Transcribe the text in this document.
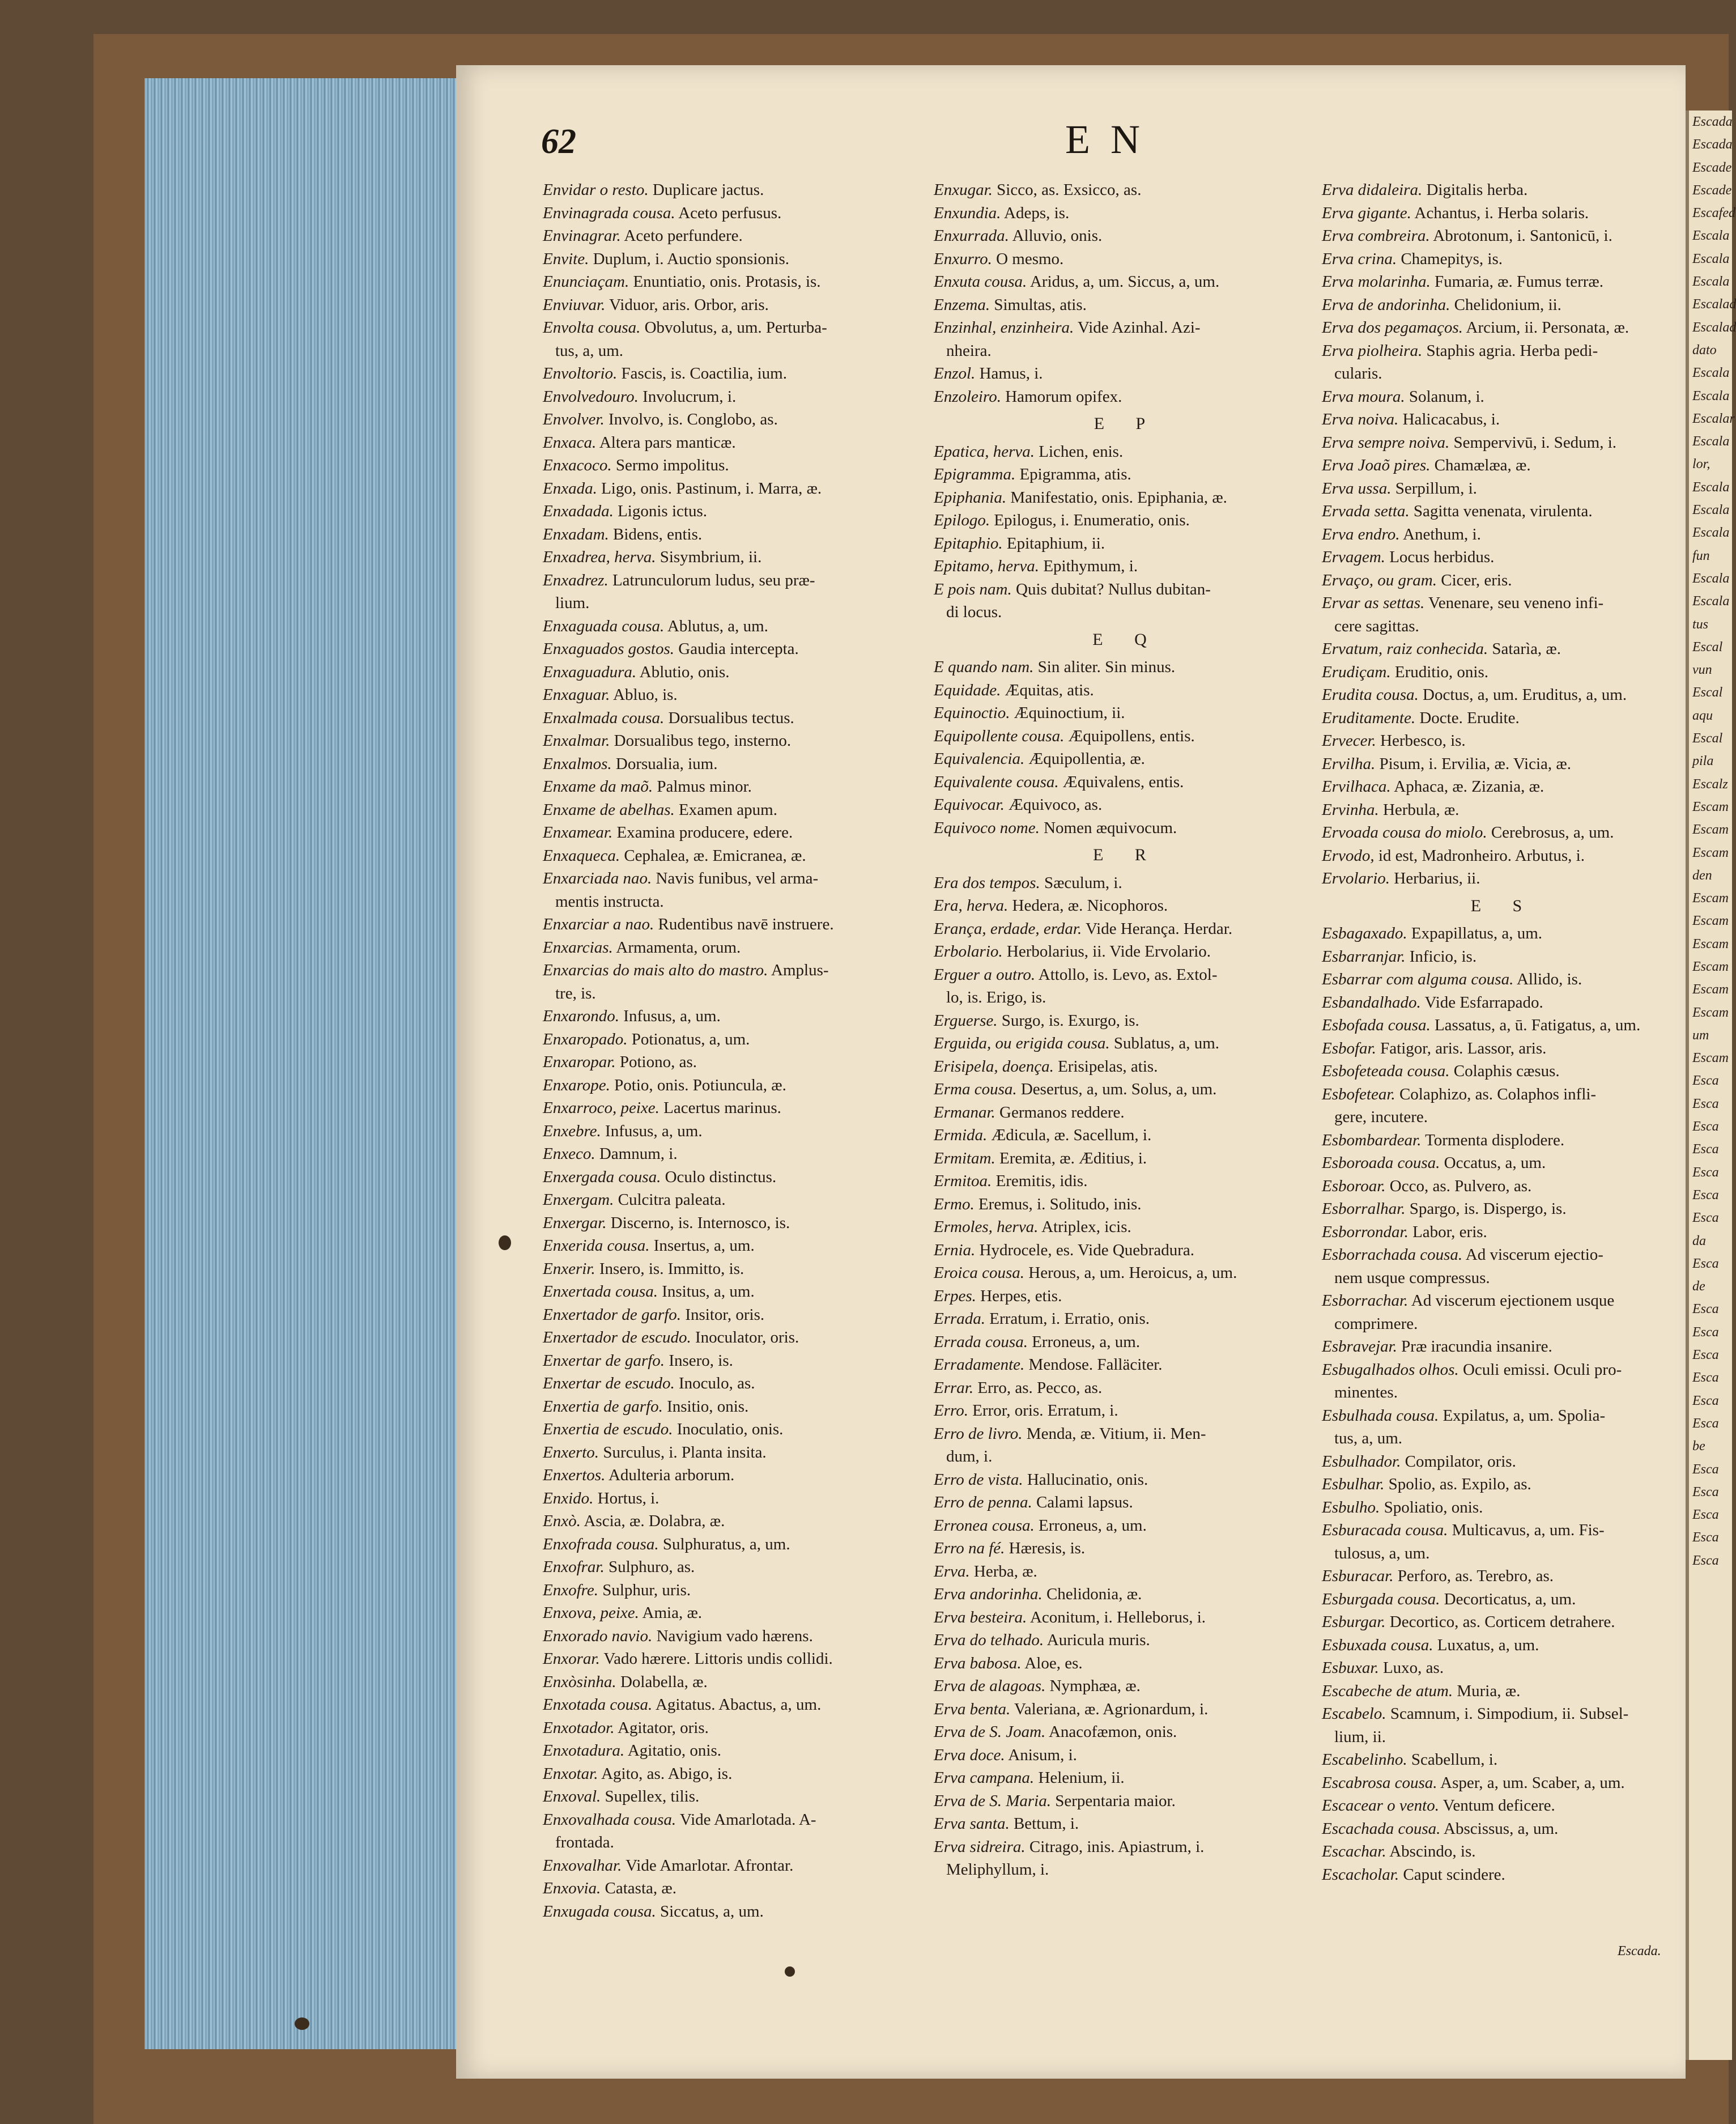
62	EN
Envidar o resto. Duplicare jactus.
Envinagrada cousa. Aceto perfusus.
Envinagrar. Aceto perfundere.
Envite. Duplum, i. Auctio sponsionis.
Enunciaçam. Enuntiatio, onis. Protasis, is.
Enviuvar. Viduor, aris. Orbor, aris.
Envolta cousa. Obvolutus, a, um. Perturba-
tus, a, um.
Envoltorio. Fascis, is. Coactilia, ium.
Envolvedouro. Involucrum, i.
Envolver. Involvo, is. Conglobo, as.
Enxaca. Altera pars manticæ.
Enxacoco. Sermo impolitus.
Enxada. Ligo, onis. Pastinum, i. Marra, æ.
Enxadada. Ligonis ictus.
Enxadam. Bidens, entis.
Enxadrea, herva. Sisymbrium, ii.
Enxadrez. Latrunculorum ludus, seu præ-
lium.
Enxaguada cousa. Ablutus, a, um.
Enxaguados gostos. Gaudia intercepta.
Enxaguadura. Ablutio, onis.
Enxaguar. Abluo, is.
Enxalmada cousa. Dorsualibus tectus.
Enxalmar. Dorsualibus tego, insterno.
Enxalmos. Dorsualia, ium.
Enxame da maõ. Palmus minor.
Enxame de abelhas. Examen apum.
Enxamear. Examina producere, edere.
Enxaqueca. Cephalea, æ. Emicranea, æ.
Enxarciada nao. Navis funibus, vel arma-
mentis instructa.
Enxarciar a nao. Rudentibus navē instruere.
Enxarcias. Armamenta, orum.
Enxarcias do mais alto do mastro. Amplus-
tre, is.
Enxarondo. Infusus, a, um.
Enxaropado. Potionatus, a, um.
Enxaropar. Potiono, as.
Enxarope. Potio, onis. Potiuncula, æ.
Enxarroco, peixe. Lacertus marinus.
Enxebre. Infusus, a, um.
Enxeco. Damnum, i.
Enxergada cousa. Oculo distinctus.
Enxergam. Culcitra paleata.
Enxergar. Discerno, is. Internosco, is.
Enxerida cousa. Insertus, a, um.
Enxerir. Insero, is. Immitto, is.
Enxertada cousa. Insitus, a, um.
Enxertador de garfo. Insitor, oris.
Enxertador de escudo. Inoculator, oris.
Enxertar de garfo. Insero, is.
Enxertar de escudo. Inoculo, as.
Enxertia de garfo. Insitio, onis.
Enxertia de escudo. Inoculatio, onis.
Enxerto. Surculus, i. Planta insita.
Enxertos. Adulteria arborum.
Enxido. Hortus, i.
Enxò. Ascia, æ. Dolabra, æ.
Enxofrada cousa. Sulphuratus, a, um.
Enxofrar. Sulphuro, as.
Enxofre. Sulphur, uris.
Enxova, peixe. Amia, æ.
Enxorado navio. Navigium vado hærens.
Enxorar. Vado hærere. Littoris undis collidi.
Enxòsinha. Dolabella, æ.
Enxotada cousa. Agitatus. Abactus, a, um.
Enxotador. Agitator, oris.
Enxotadura. Agitatio, onis.
Enxotar. Agito, as. Abigo, is.
Enxoval. Supellex, tilis.
Enxovalhada cousa. Vide Amarlotada. A-
frontada.
Enxovalhar. Vide Amarlotar. Afrontar.
Enxovia. Catasta, æ.
Enxugada cousa. Siccatus, a, um.
Enxugar. Sicco, as. Exsicco, as.
Enxundia. Adeps, is.
Enxurrada. Alluvio, onis.
Enxurro. O mesmo.
Enxuta cousa. Aridus, a, um. Siccus, a, um.
Enzema. Simultas, atis.
Enzinhal, enzinheira. Vide Azinhal. Azi-
nheira.
Enzol. Hamus, i.
Enzoleiro. Hamorum opifex.
E P
Epatica, herva. Lichen, enis.
Epigramma. Epigramma, atis.
Epiphania. Manifestatio, onis. Epiphania, æ.
Epilogo. Epilogus, i. Enumeratio, onis.
Epitaphio. Epitaphium, ii.
Epitamo, herva. Epithymum, i.
E pois nam. Quis dubitat? Nullus dubitan-
di locus.
E Q
E quando nam. Sin aliter. Sin minus.
Equidade. Æquitas, atis.
Equinoctio. Æquinoctium, ii.
Equipollente cousa. Æquipollens, entis.
Equivalencia. Æquipollentia, æ.
Equivalente cousa. Æquivalens, entis.
Equivocar. Æquivoco, as.
Equivoco nome. Nomen æquivocum.
E R
Era dos tempos. Sæculum, i.
Era, herva. Hedera, æ. Nicophoros.
Erança, erdade, erdar. Vide Herança. Herdar.
Erbolario. Herbolarius, ii. Vide Ervolario.
Erguer a outro. Attollo, is. Levo, as. Extol-
lo, is. Erigo, is.
Erguerse. Surgo, is. Exurgo, is.
Erguida, ou erigida cousa. Sublatus, a, um.
Erisipela, doença. Erisipelas, atis.
Erma cousa. Desertus, a, um. Solus, a, um.
Ermanar. Germanos reddere.
Ermida. Ædicula, æ. Sacellum, i.
Ermitam. Eremita, æ. Æditius, i.
Ermitoa. Eremitis, idis.
Ermo. Eremus, i. Solitudo, inis.
Ermoles, herva. Atriplex, icis.
Ernia. Hydrocele, es. Vide Quebradura.
Eroica cousa. Herous, a, um. Heroicus, a, um.
Erpes. Herpes, etis.
Errada. Erratum, i. Erratio, onis.
Errada cousa. Erroneus, a, um.
Erradamente. Mendose. Falläciter.
Errar. Erro, as. Pecco, as.
Erro. Error, oris. Erratum, i.
Erro de livro. Menda, æ. Vitium, ii. Men-
dum, i.
Erro de vista. Hallucinatio, onis.
Erro de penna. Calami lapsus.
Erronea cousa. Erroneus, a, um.
Erro na fé. Hæresis, is.
Erva. Herba, æ.
Erva andorinha. Chelidonia, æ.
Erva besteira. Aconitum, i. Helleborus, i.
Erva do telhado. Auricula muris.
Erva babosa. Aloe, es.
Erva de alagoas. Nymphæa, æ.
Erva benta. Valeriana, æ. Agrionardum, i.
Erva de S. Joam. Anacofæmon, onis.
Erva doce. Anisum, i.
Erva campana. Helenium, ii.
Erva de S. Maria. Serpentaria maior.
Erva santa. Bettum, i.
Erva sidreira. Citrago, inis. Apiastrum, i.
Meliphyllum, i.
Erva didaleira. Digitalis herba.
Erva gigante. Achantus, i. Herba solaris.
Erva combreira. Abrotonum, i. Santonicū, i.
Erva crina. Chamepitys, is.
Erva molarinha. Fumaria, æ. Fumus terræ.
Erva de andorinha. Chelidonium, ii.
Erva dos pegamaços. Arcium, ii. Personata, æ.
Erva piolheira. Staphis agria. Herba pedi-
cularis.
Erva moura. Solanum, i.
Erva noiva. Halicacabus, i.
Erva sempre noiva. Sempervivū, i. Sedum, i.
Erva Joaõ pires. Chamælæa, æ.
Erva ussa. Serpillum, i.
Ervada setta. Sagitta venenata, virulenta.
Erva endro. Anethum, i.
Ervagem. Locus herbidus.
Ervaço, ou gram. Cicer, eris.
Ervar as settas. Venenare, seu veneno infi-
cere sagittas.
Ervatum, raiz conhecida. Satarìa, æ.
Erudiçam. Eruditio, onis.
Erudita cousa. Doctus, a, um. Eruditus, a, um.
Eruditamente. Docte. Erudite.
Ervecer. Herbesco, is.
Ervilha. Pisum, i. Ervilia, æ. Vicia, æ.
Ervilhaca. Aphaca, æ. Zizania, æ.
Ervinha. Herbula, æ.
Ervoada cousa do miolo. Cerebrosus, a, um.
Ervodo, id est, Madronheiro. Arbutus, i.
Ervolario. Herbarius, ii.
E S
Esbagaxado. Expapillatus, a, um.
Esbarranjar. Inficio, is.
Esbarrar com alguma cousa. Allido, is.
Esbandalhado. Vide Esfarrapado.
Esbofada cousa. Lassatus, a, ū. Fatigatus, a, um.
Esbofar. Fatigor, aris. Lassor, aris.
Esbofeteada cousa. Colaphis cæsus.
Esbofetear. Colaphizo, as. Colaphos infli-
gere, incutere.
Esbombardear. Tormenta displodere.
Esboroada cousa. Occatus, a, um.
Esboroar. Occo, as. Pulvero, as.
Esborralhar. Spargo, is. Dispergo, is.
Esborrondar. Labor, eris.
Esborrachada cousa. Ad viscerum ejectio-
nem usque compressus.
Esborrachar. Ad viscerum ejectionem usque
comprimere.
Esbravejar. Præ iracundia insanire.
Esbugalhados olhos. Oculi emissi. Oculi pro-
minentes.
Esbulhada cousa. Expilatus, a, um. Spolia-
tus, a, um.
Esbulhador. Compilator, oris.
Esbulhar. Spolio, as. Expilo, as.
Esbulho. Spoliatio, onis.
Esburacada cousa. Multicavus, a, um. Fis-
tulosus, a, um.
Esburacar. Perforo, as. Terebro, as.
Esburgada cousa. Decorticatus, a, um.
Esburgar. Decortico, as. Corticem detrahere.
Esbuxada cousa. Luxatus, a, um.
Esbuxar. Luxo, as.
Escabeche de atum. Muria, æ.
Escabelo. Scamnum, i. Simpodium, ii. Subsel-
lium, ii.
Escabelinho. Scabellum, i.
Escabrosa cousa. Asper, a, um. Scaber, a, um.
Escacear o vento. Ventum deficere.
Escachada cousa. Abscissus, a, um.
Escachar. Abscindo, is.
Escacholar. Caput scindere.
Escada.
Escada
Escada
Escade
Escade
Escafed
Escala
Escala
Escala
Escalad
Escalad
dato
Escala
Escala
Escalar
Escala
lor,
Escala
Escala
Escala
fun
Escala
Escala
tus
Escal
vun
Escal
aqu
Escal
pila
Escalz
Escam
Escam
Escam
den
Escam
Escam
Escam
Escam
Escam
Escam
um
Escam
Esca
Esca
Esca
Esca
Esca
Esca
Esca
da
Esca
de
Esca
Esca
Esca
Esca
Esca
Esca
be
Esca
Esca
Esca
Esca
Esca
